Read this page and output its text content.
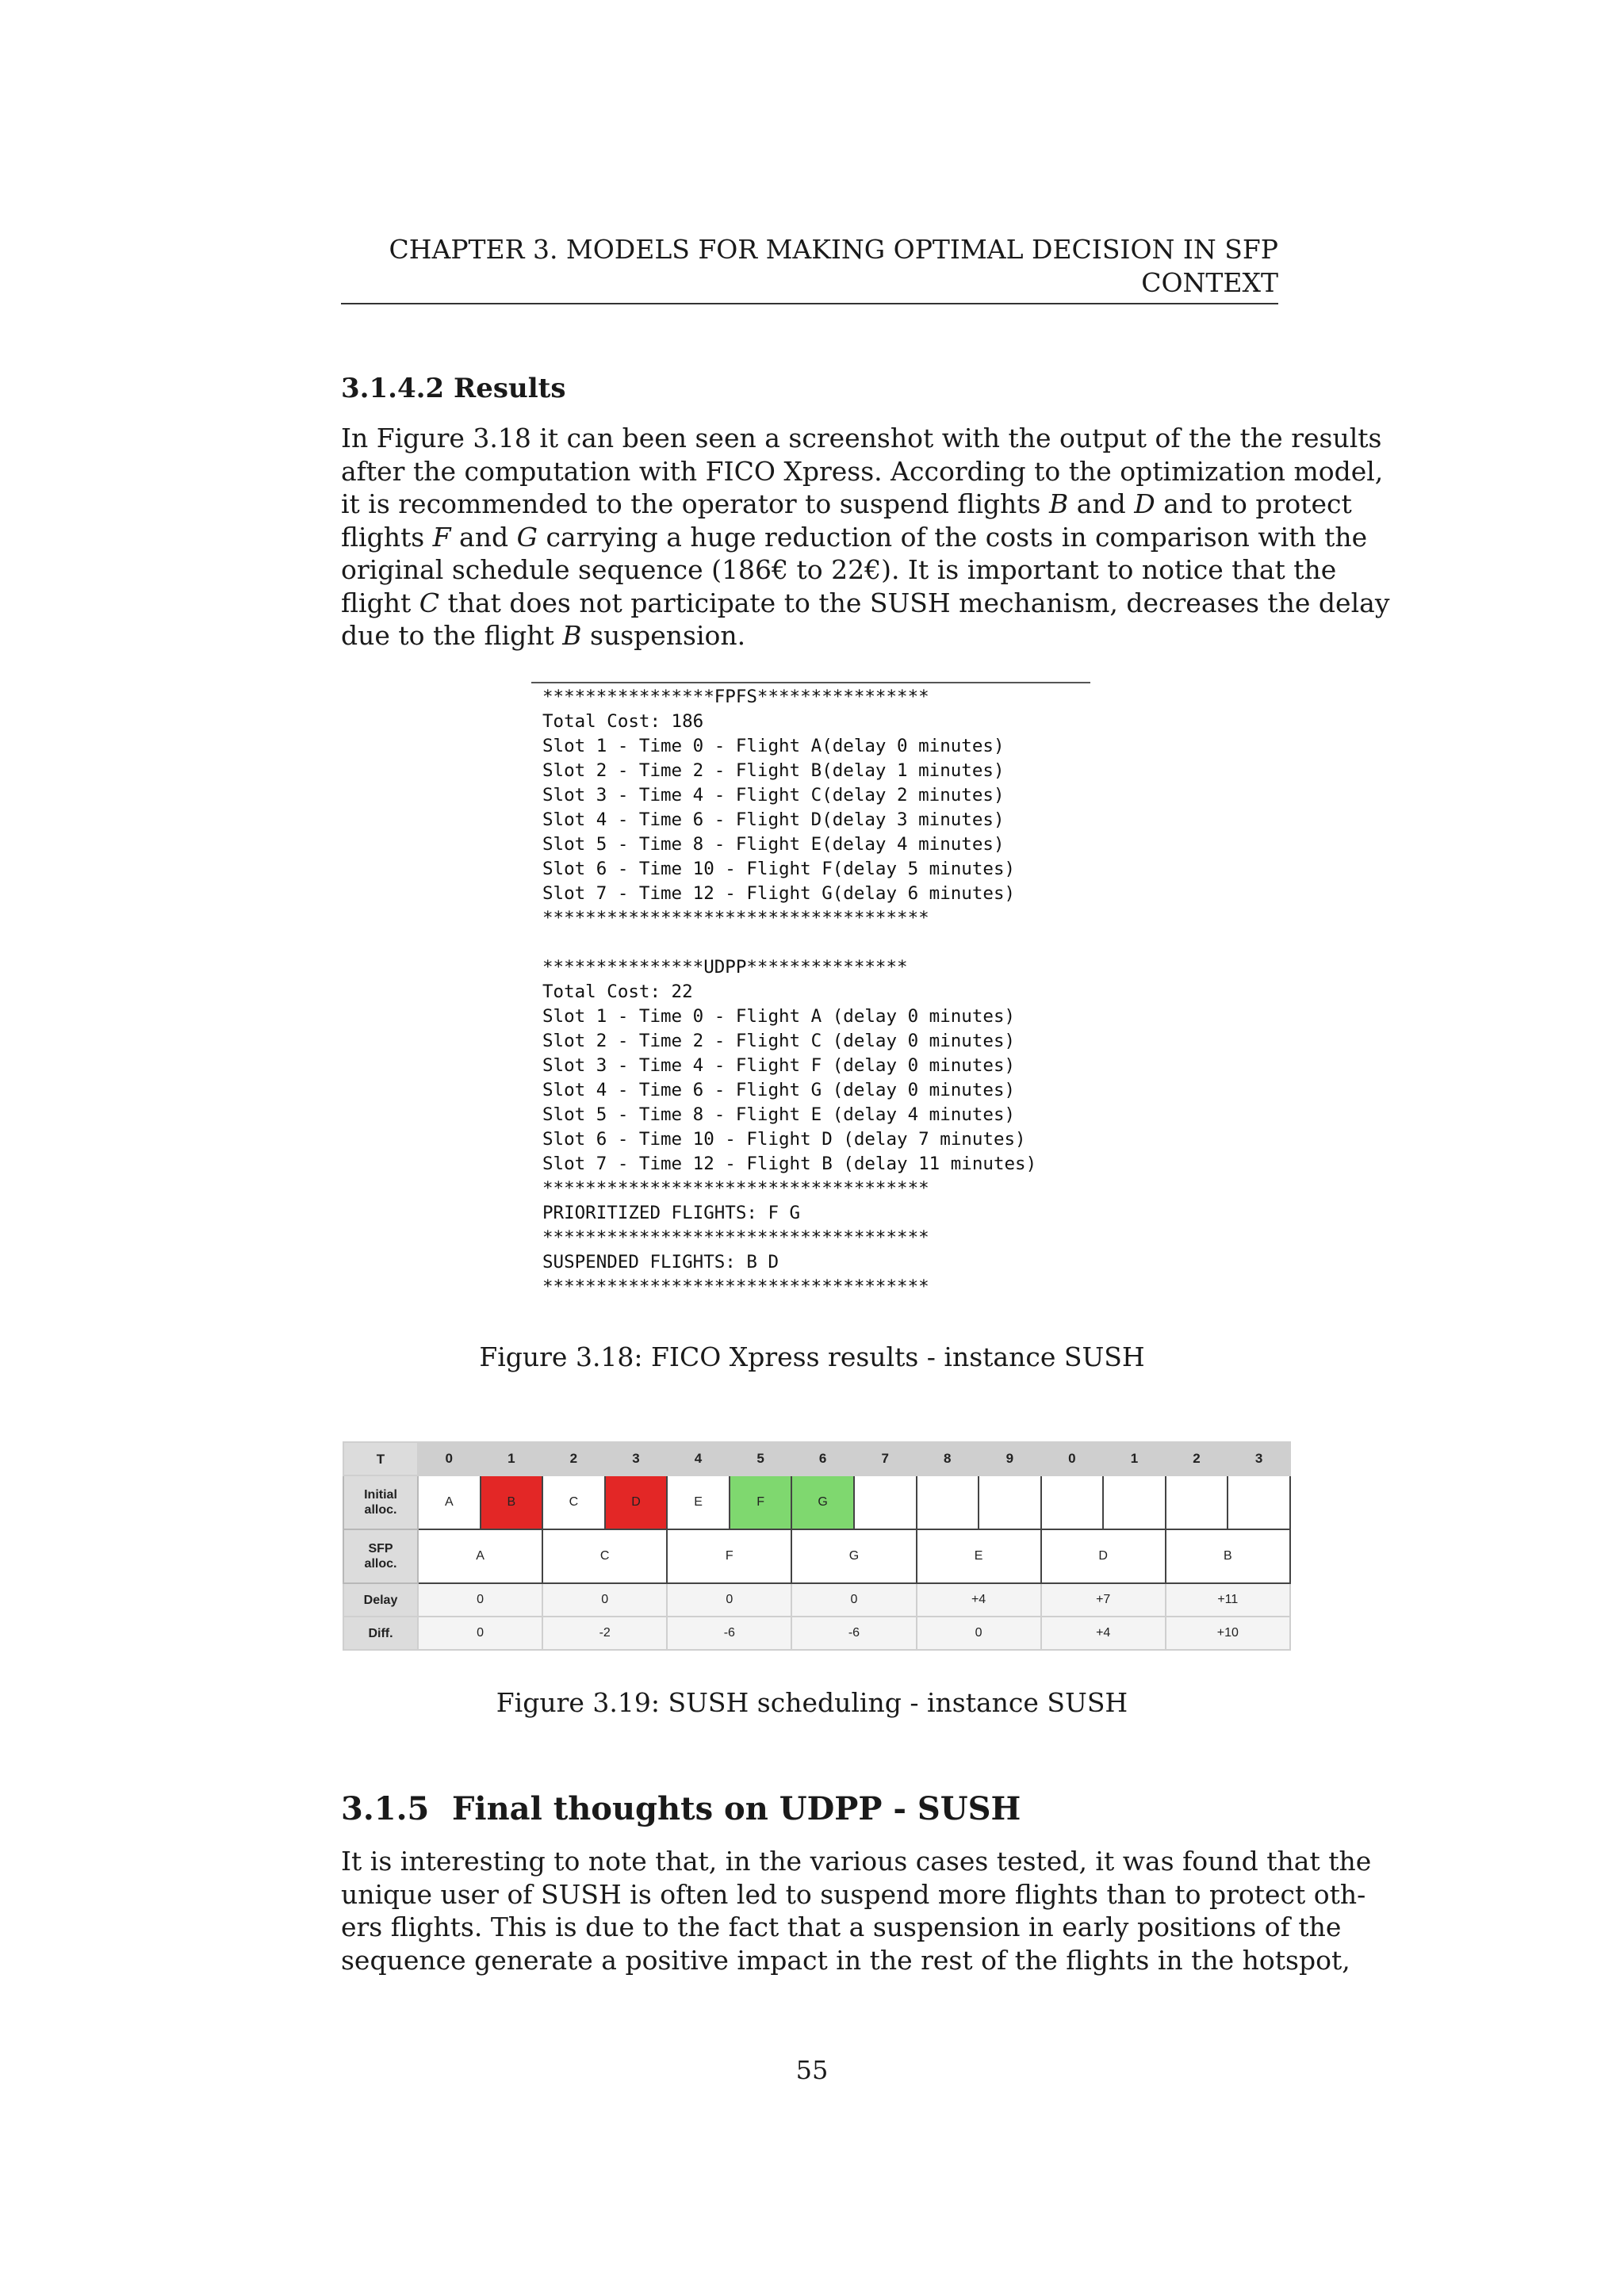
CHAPTER 3. MODELS FOR MAKING OPTIMAL DECISION IN SFP
CONTEXT
3.1.4.2 Results
In Figure 3.18 it can been seen a screenshot with the output of the the results
after the computation with FICO Xpress. According to the optimization model,
it is recommended to the operator to suspend flights B and D and to protect
flights F and G carrying a huge reduction of the costs in comparison with the
original schedule sequence (186€ to 22€). It is important to notice that the
flight C that does not participate to the SUSH mechanism, decreases the delay
due to the flight B suspension.
****************FPFS****************
Total Cost: 186
Slot 1 - Time 0 - Flight A(delay 0 minutes)
Slot 2 - Time 2 - Flight B(delay 1 minutes)
Slot 3 - Time 4 - Flight C(delay 2 minutes)
Slot 4 - Time 6 - Flight D(delay 3 minutes)
Slot 5 - Time 8 - Flight E(delay 4 minutes)
Slot 6 - Time 10 - Flight F(delay 5 minutes)
Slot 7 - Time 12 - Flight G(delay 6 minutes)
************************************
***************UDPP***************
Total Cost: 22
Slot 1 - Time 0 - Flight A (delay 0 minutes)
Slot 2 - Time 2 - Flight C (delay 0 minutes)
Slot 3 - Time 4 - Flight F (delay 0 minutes)
Slot 4 - Time 6 - Flight G (delay 0 minutes)
Slot 5 - Time 8 - Flight E (delay 4 minutes)
Slot 6 - Time 10 - Flight D (delay 7 minutes)
Slot 7 - Time 12 - Flight B (delay 11 minutes)
************************************
PRIORITIZED FLIGHTS: F G
************************************
SUSPENDED FLIGHTS: B D
************************************
Figure 3.18: FICO Xpress results - instance SUSH
T	0	1	2	3	4	5	6	7	8	9	0	1	2	3

Initial
alloc.	A	B	C	D	E	F	G							

SFP
alloc.	A		C		F		G		E		D		B	

Delay	0		0		0		0		+4		+7		+11	

Diff.	0		-2		-6		-6		0		+4		+10	
Figure 3.19: SUSH scheduling - instance SUSH
3.1.5 Final thoughts on UDPP - SUSH
It is interesting to note that, in the various cases tested, it was found that the
unique user of SUSH is often led to suspend more flights than to protect oth-
ers flights. This is due to the fact that a suspension in early positions of the
sequence generate a positive impact in the rest of the flights in the hotspot,
55
